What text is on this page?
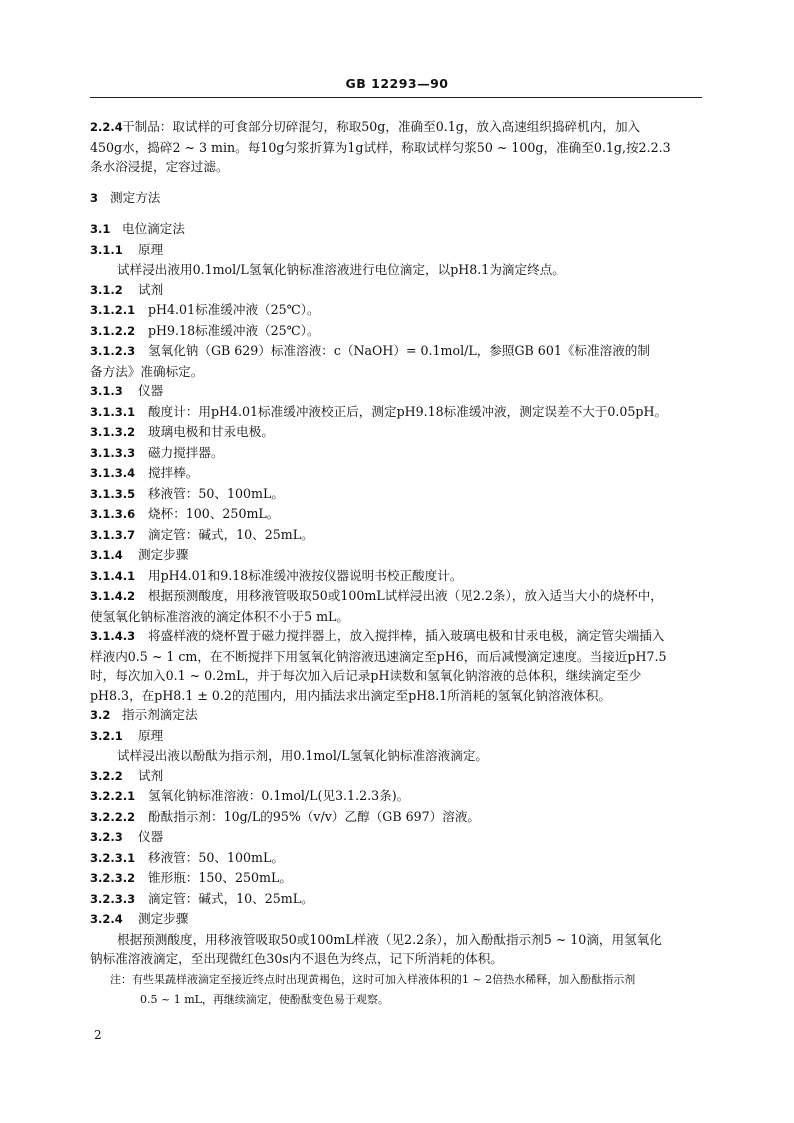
GB 12293—90

2.2.4干制品：取试样的可食部分切碎混匀，称取50g，准确至0.1g，放入高速组织捣碎机内，加入

450g水，捣碎2 ~ 3 min。每10g匀浆折算为1g试样，称取试样匀浆50 ~ 100g，准确至0.1g,按2.2.3

条水浴浸提，定容过滤。

3 测定方法

3.1 电位滴定法

3.1.1 原理

试样浸出液用0.1mol/L氢氧化钠标准溶液进行电位滴定，以pH8.1为滴定终点。

3.1.2 试剂

3.1.2.1 pH4.01标准缓冲液（25℃）。

3.1.2.2 pH9.18标准缓冲液（25℃）。

3.1.2.3 氢氧化钠（GB 629）标准溶液：c（NaOH）= 0.1mol/L，参照GB 601《标准溶液的制

备方法》准确标定。

3.1.3 仪器

3.1.3.1 酸度计：用pH4.01标准缓冲液校正后，测定pH9.18标准缓冲液，测定误差不大于0.05pH。

3.1.3.2 玻璃电极和甘汞电极。

3.1.3.3 磁力搅拌器。

3.1.3.4 搅拌棒。

3.1.3.5 移液管：50、100mL。

3.1.3.6 烧杯：100、250mL。

3.1.3.7 滴定管：碱式，10、25mL。

3.1.4 测定步骤

3.1.4.1 用pH4.01和9.18标准缓冲液按仪器说明书校正酸度计。

3.1.4.2 根据预测酸度，用移液管吸取50或100mL试样浸出液（见2.2条），放入适当大小的烧杯中，

使氢氧化钠标准溶液的滴定体积不小于5 mL。

3.1.4.3 将盛样液的烧杯置于磁力搅拌器上，放入搅拌棒，插入玻璃电极和甘汞电极，滴定管尖端插入

样液内0.5 ~ 1 cm，在不断搅拌下用氢氧化钠溶液迅速滴定至pH6，而后减慢滴定速度。当接近pH7.5

时，每次加入0.1 ~ 0.2mL，并于每次加入后记录pH读数和氢氧化钠溶液的总体积，继续滴定至少

pH8.3，在pH8.1 ± 0.2的范围内，用内插法求出滴定至pH8.1所消耗的氢氧化钠溶液体积。

3.2 指示剂滴定法

3.2.1 原理

试样浸出液以酚酞为指示剂，用0.1mol/L氢氧化钠标准溶液滴定。

3.2.2 试剂

3.2.2.1 氢氧化钠标准溶液：0.1mol/L(见3.1.2.3条)。

3.2.2.2 酚酞指示剂：10g/L的95%（v/v）乙醇（GB 697）溶液。

3.2.3 仪器

3.2.3.1 移液管：50、100mL。

3.2.3.2 锥形瓶：150、250mL。

3.2.3.3 滴定管：碱式，10、25mL。

3.2.4 测定步骤

根据预测酸度，用移液管吸取50或100mL样液（见2.2条），加入酚酞指示剂5 ~ 10滴，用氢氧化

钠标准溶液滴定，至出现微红色30s内不退色为终点，记下所消耗的体积。

注：有些果蔬样液滴定至接近终点时出现黄褐色，这时可加入样液体积的1 ~ 2倍热水稀释，加入酚酞指示剂

0.5 ~ 1 mL，再继续滴定，使酚酞变色易于观察。

2
